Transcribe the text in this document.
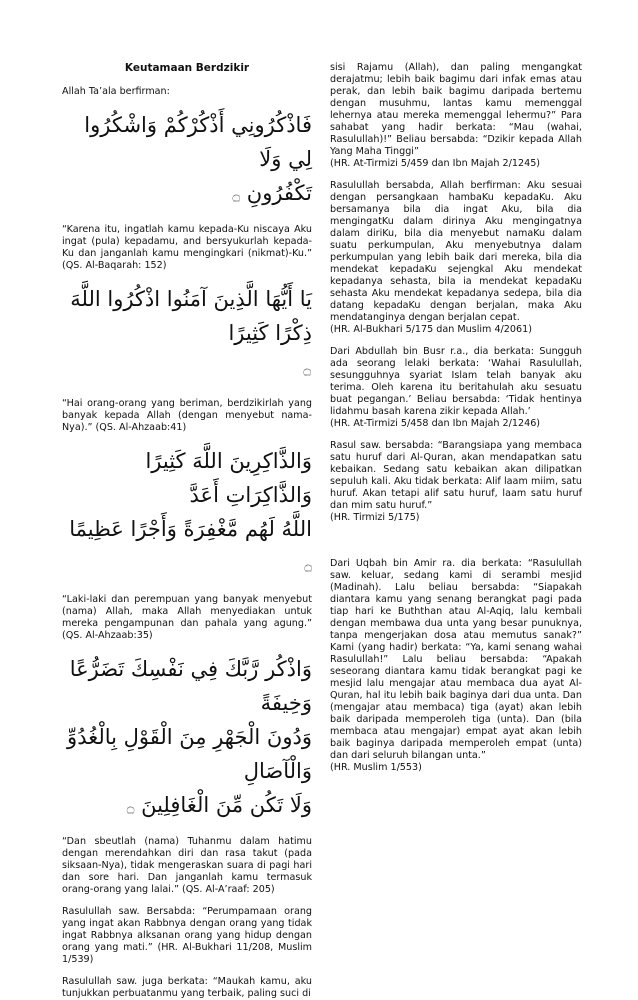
Keutamaan Berdzikir

Allah Ta’ala berfirman:

فَاذْكُرُونِي أَذْكُرْكُمْ وَاشْكُرُوا لِي وَلَا
تَكْفُرُونِ ۝

“Karena itu, ingatlah kamu kepada-Ku niscaya Aku ingat (pula) kepadamu, and bersyukurlah kepada-Ku dan janganlah kamu mengingkari (nikmat)-Ku.” (QS. Al-Baqarah: 152)

يَا أَيُّهَا الَّذِينَ آمَنُوا اذْكُرُوا اللَّهَ ذِكْرًا كَثِيرًا
۝

“Hai orang-orang yang beriman, berdzikirlah yang banyak kepada Allah (dengan menyebut nama-Nya).” (QS. Al-Ahzaab:41)

وَالذَّاكِرِينَ اللَّهَ كَثِيرًا وَالذَّاكِرَاتِ أَعَدَّ
اللَّهُ لَهُم مَّغْفِرَةً وَأَجْرًا عَظِيمًا ۝

“Laki-laki dan perempuan yang banyak menyebut (nama) Allah, maka Allah menyediakan untuk mereka pengampunan dan pahala yang agung.” (QS. Al-Ahzaab:35)

وَاذْكُر رَّبَّكَ فِي نَفْسِكَ تَضَرُّعًا وَخِيفَةً
وَدُونَ الْجَهْرِ مِنَ الْقَوْلِ بِالْغُدُوِّ وَالْآصَالِ
وَلَا تَكُن مِّنَ الْغَافِلِينَ ۝

“Dan sbeutlah (nama) Tuhanmu dalam hatimu dengan merendahkan diri dan rasa takut (pada siksaan-Nya), tidak mengeraskan suara di pagi hari dan sore hari. Dan janganlah kamu termasuk orang-orang yang lalai.” (QS. Al-A’raaf: 205)

Rasulullah saw. Bersabda: “Perumpamaan orang yang ingat akan Rabbnya dengan orang yang tidak ingat Rabbnya alksanan orang yang hidup dengan orang yang mati.” (HR. Al-Bukhari 11/208, Muslim 1/539)

Rasulullah saw. juga berkata: “Maukah kamu, aku tunjukkan perbuatanmu yang terbaik, paling suci di

sisi Rajamu (Allah), dan paling mengangkat derajatmu; lebih baik bagimu dari infak emas atau perak, dan lebih baik bagimu daripada bertemu dengan musuhmu, lantas kamu memenggal lehernya atau mereka memenggal lehermu?” Para sahabat yang hadir berkata: “Mau (wahai, Rasulullah)!” Beliau bersabda: “Dzikir kepada Allah Yang Maha Tinggi”

(HR. At-Tirmizi 5/459 dan Ibn Majah 2/1245)

Rasulullah bersabda, Allah berfirman: Aku sesuai dengan persangkaan hambaKu kepadaKu. Aku bersamanya bila dia ingat Aku, bila dia mengingatKu dalam dirinya Aku mengingatnya dalam diriKu, bila dia menyebut namaKu dalam suatu perkumpulan, Aku menyebutnya dalam perkumpulan yang lebih baik dari mereka, bila dia mendekat kepadaKu sejengkal Aku mendekat kepadanya sehasta, bila ia mendekat kepadaKu sehasta Aku mendekat kepadanya sedepa, bila dia datang kepadaKu dengan berjalan, maka Aku mendatanginya dengan berjalan cepat.

(HR. Al-Bukhari 5/175 dan Muslim 4/2061)

Dari Abdullah bin Busr r.a., dia berkata: Sungguh ada seorang lelaki berkata: ‘Wahai Rasulullah, sesungguhnya syariat Islam telah banyak aku terima. Oleh karena itu beritahulah aku sesuatu buat pegangan.’ Beliau bersabda: ‘Tidak hentinya lidahmu basah karena zikir kepada Allah.’

(HR. At-Tirmizi 5/458 dan Ibn Majah 2/1246)

Rasul saw. bersabda: “Barangsiapa yang membaca satu huruf dari Al-Quran, akan mendapatkan satu kebaikan. Sedang satu kebaikan akan dilipatkan sepuluh kali. Aku tidak berkata: Alif laam miim, satu huruf. Akan tetapi alif satu huruf, laam satu huruf dan mim satu huruf.”

(HR. Tirmizi 5/175)

Dari Uqbah bin Amir ra. dia berkata: “Rasulullah saw. keluar, sedang kami di serambi mesjid (Madinah). Lalu beliau bersabda: “Siapakah diantara kamu yang senang berangkat pagi pada tiap hari ke Buththan atau Al-Aqiq, lalu kembali dengan membawa dua unta yang besar punuknya, tanpa mengerjakan dosa atau memutus sanak?” Kami (yang hadir) berkata: “Ya, kami senang wahai Rasulullah!” Lalu beliau bersabda: “Apakah seseorang diantara kamu tidak berangkat pagi ke mesjid lalu mengajar atau membaca dua ayat Al-Quran, hal itu lebih baik baginya dari dua unta. Dan (mengajar atau membaca) tiga (ayat) akan lebih baik daripada memperoleh tiga (unta). Dan (bila membaca atau mengajar) empat ayat akan lebih baik baginya daripada memperoleh empat (unta) dan dari seluruh bilangan unta.”

(HR. Muslim 1/553)
